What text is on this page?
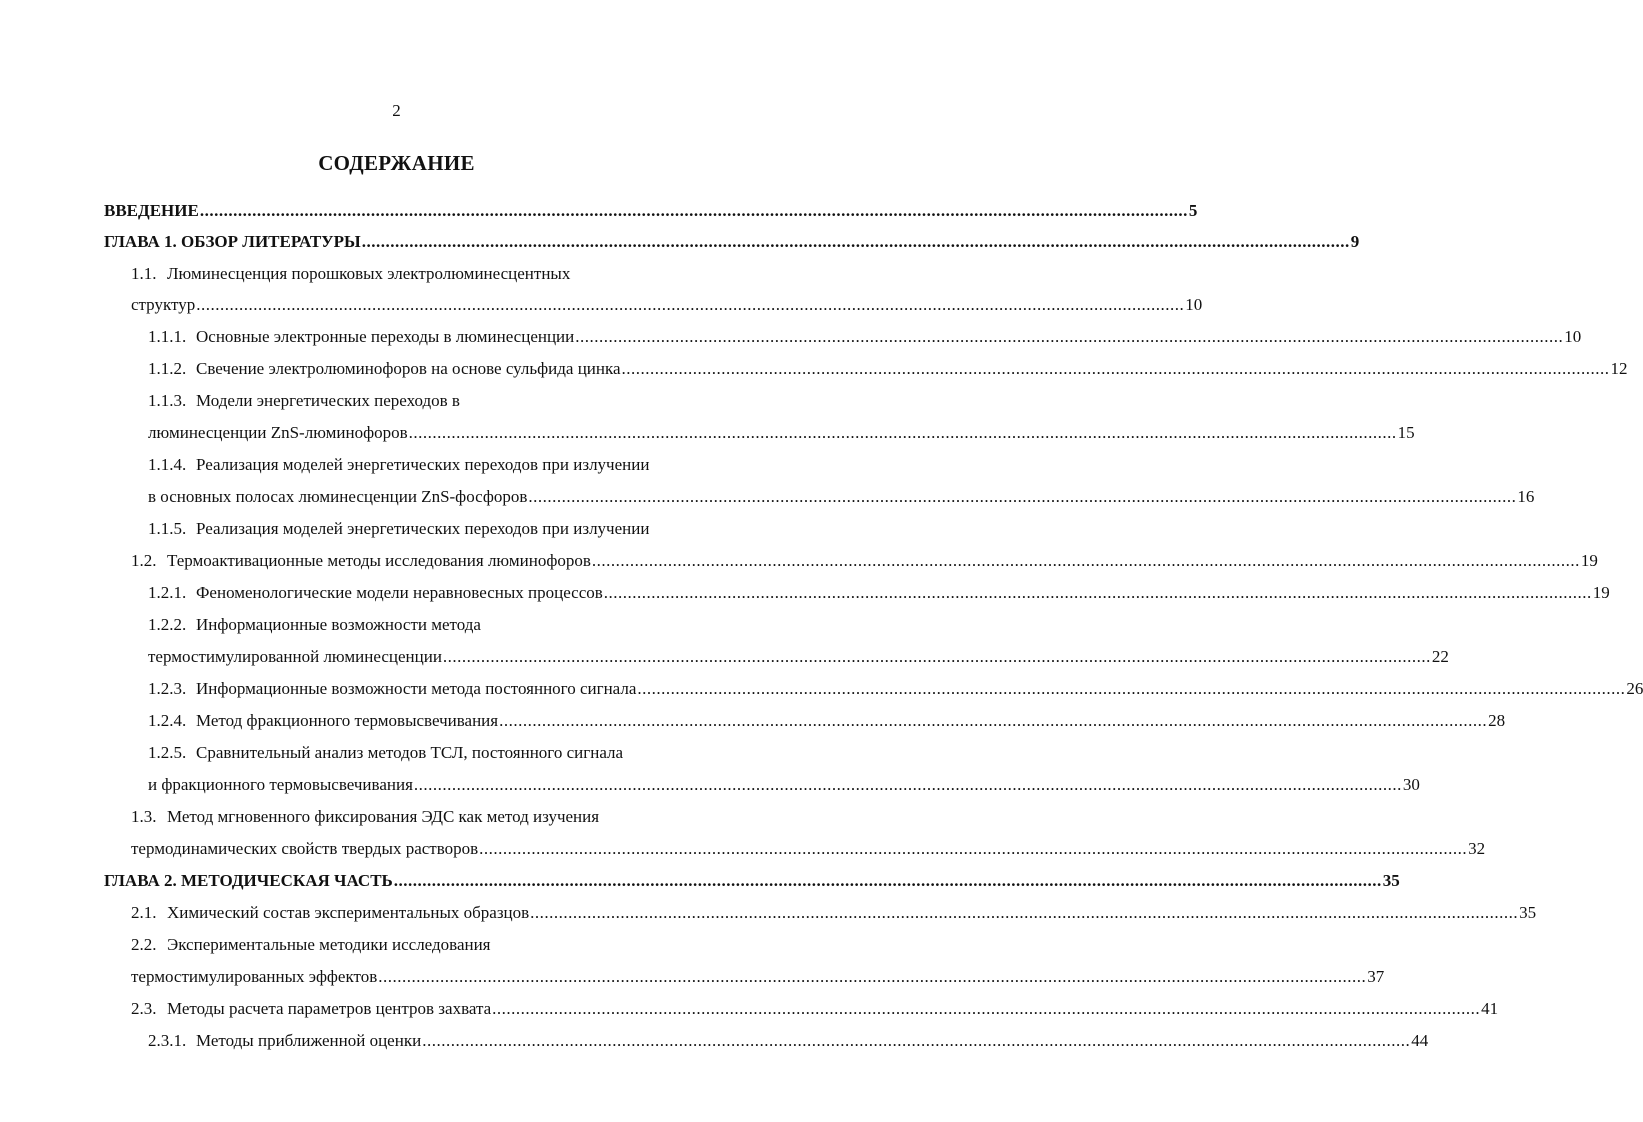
2
СОДЕРЖАНИЕ
ВВЕДЕНИЕ .....	5
ГЛАВА 1. ОБЗОР ЛИТЕРАТУРЫ .....	9
1.1. Люминесценция порошковых электролюминесцентных
структур .....	10
1.1.1. Основные электронные переходы в люминесценции .....	10
1.1.2. Свечение электролюминофоров на основе сульфида цинка .....	12
1.1.3. Модели энергетических переходов в
люминесценции ZnS-люминофоров .....	15
1.1.4. Реализация моделей энергетических переходов при излучении
в основных полосах люминесценции ZnS-фосфоров .....	16
1.1.5. Реализация моделей энергетических переходов при излучении
1.2. Термоактивационные методы исследования люминофоров .....	19
1.2.1. Феноменологические модели неравновесных процессов .....	19
1.2.2. Информационные возможности метода
термостимулированной люминесценции .....	22
1.2.3. Информационные возможности метода постоянного сигнала .....	26
1.2.4. Метод фракционного термовысвечивания .....	28
1.2.5. Сравнительный анализ методов ТСЛ, постоянного сигнала
и фракционного термовысвечивания .....	30
1.3. Метод мгновенного фиксирования ЭДС как метод изучения
термодинамических свойств твердых растворов .....	32
ГЛАВА 2. МЕТОДИЧЕСКАЯ ЧАСТЬ .....	35
2.1. Химический состав экспериментальных образцов .....	35
2.2. Экспериментальные методики исследования
термостимулированных эффектов .....	37
2.3. Методы расчета параметров центров захвата .....	41
2.3.1. Методы приближенной оценки .....	44
